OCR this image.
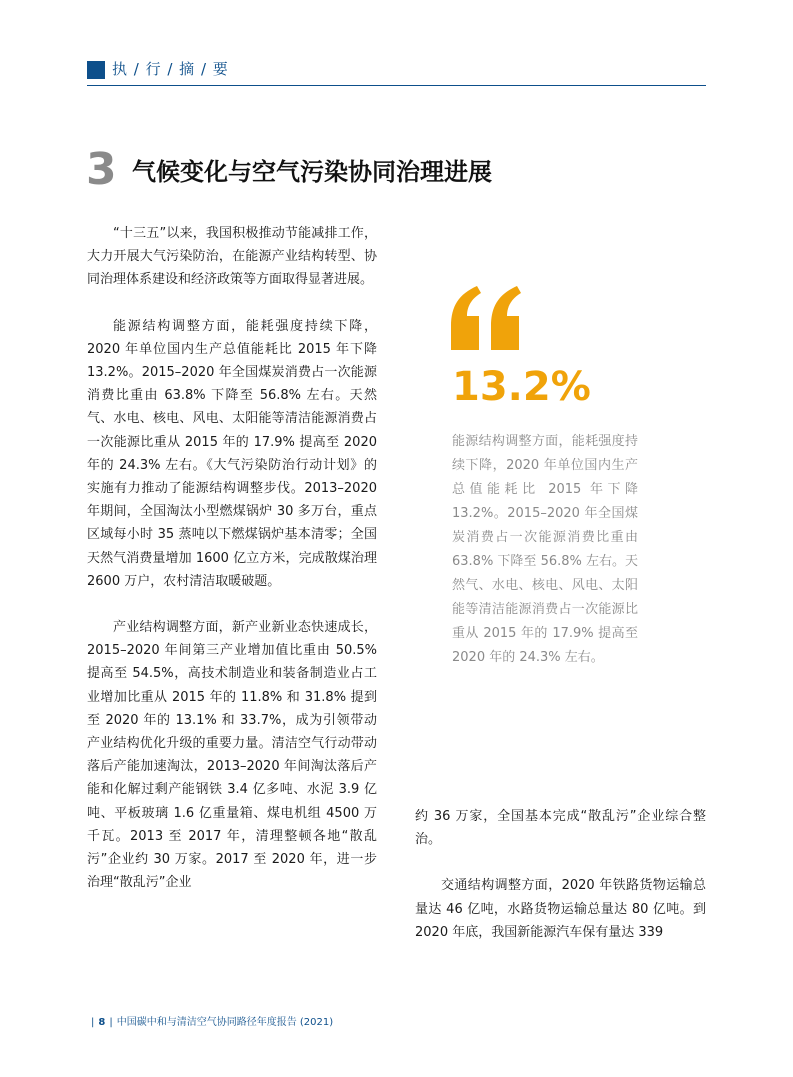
执 / 行 / 摘 / 要
3 气候变化与空气污染协同治理进展

“十三五”以来，我国积极推动节能减排工作，大力开展大气污染防治，在能源产业结构转型、协同治理体系建设和经济政策等方面取得显著进展。

能源结构调整方面，能耗强度持续下降，2020 年单位国内生产总值能耗比 2015 年下降 13.2%。2015–2020 年全国煤炭消费占一次能源消费比重由 63.8% 下降至 56.8% 左右。天然气、水电、核电、风电、太阳能等清洁能源消费占一次能源比重从 2015 年的 17.9% 提高至 2020 年的 24.3% 左右。《大气污染防治行动计划》的实施有力推动了能源结构调整步伐。2013–2020 年期间，全国淘汰小型燃煤锅炉 30 多万台，重点区域每小时 35 蒸吨以下燃煤锅炉基本清零；全国天然气消费量增加 1600 亿立方米，完成散煤治理 2600 万户，农村清洁取暖破题。

产业结构调整方面，新产业新业态快速成长，2015–2020 年间第三产业增加值比重由 50.5% 提高至 54.5%，高技术制造业和装备制造业占工业增加比重从 2015 年的 11.8% 和 31.8% 提到至 2020 年的 13.1% 和 33.7%，成为引领带动产业结构优化升级的重要力量。清洁空气行动带动落后产能加速淘汰，2013–2020 年间淘汰落后产能和化解过剩产能钢铁 3.4 亿多吨、水泥 3.9 亿吨、平板玻璃 1.6 亿重量箱、煤电机组 4500 万千瓦。2013 至 2017 年，清理整顿各地“散乱污”企业约 30 万家。2017 至 2020 年，进一步治理“散乱污”企业

13.2%

能源结构调整方面，能耗强度持续下降，2020 年单位国内生产总值能耗比 2015 年下降 13.2%。2015–2020 年全国煤炭消费占一次能源消费比重由 63.8% 下降至 56.8% 左右。天然气、水电、核电、风电、太阳能等清洁能源消费占一次能源比重从 2015 年的 17.9% 提高至 2020 年的 24.3% 左右。

约 36 万家，全国基本完成“散乱污”企业综合整治。

交通结构调整方面，2020 年铁路货物运输总量达 46 亿吨，水路货物运输总量达 80 亿吨。到 2020 年底，我国新能源汽车保有量达 339

| 8 | 中国碳中和与清洁空气协同路径年度报告 (2021)
